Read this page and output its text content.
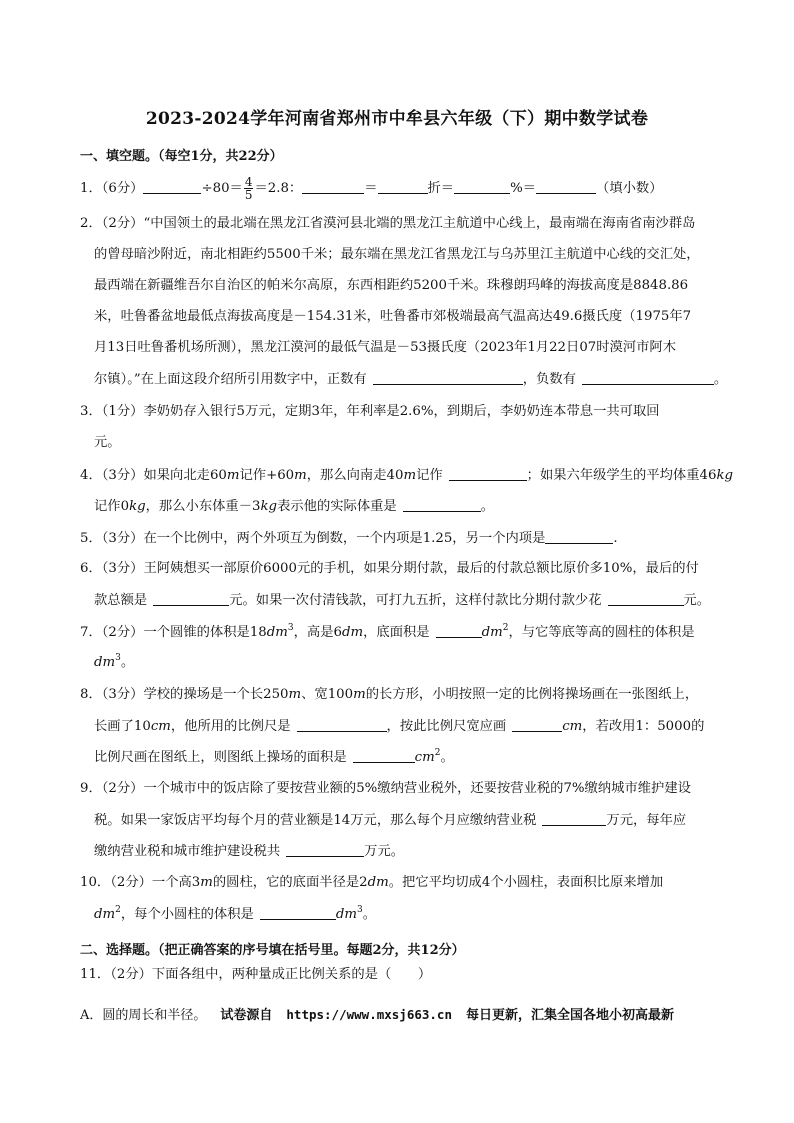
2023-2024学年河南省郑州市中牟县六年级（下）期中数学试卷
一、填空题。（每空1分，共22分）
1．（6分）	$\div 80= \frac{4}{5} =2.8$：	＝	折＝	%＝	（填小数）
2．（2分）“中国领土的最北端在黑龙江省漠河县北端的黑龙江主航道中心线上，最南端在海南省南沙群岛
的曾母暗沙附近，南北相距约5500千米；最东端在黑龙江省黑龙江与乌苏里江主航道中心线的交汇处，
最西端在新疆维吾尔自治区的帕米尔高原，东西相距约5200千米。珠穆朗玛峰的海拔高度是8848.86
米，吐鲁番盆地最低点海拔高度是－154.31米，吐鲁番市郊极端最高气温高达49.6摄氏度（1975年7
月13日吐鲁番机场所测），黑龙江漠河的最低气温是－53摄氏度（2023年1月22日07时漠河市阿木
尔镇）。”在上面这段介绍所引用数字中，正数有	，负数有	。
3．（1分）李奶奶存入银行5万元，定期3年，年利率是2.6%，到期后，李奶奶连本带息一共可取回
元。
4．（3分）如果向北走60m记作+60m，那么向南走40m记作	；如果六年级学生的平均体重46kg
记作0kg，那么小东体重－3kg表示他的实际体重是	。
5．（3分）在一个比例中，两个外项互为倒数，一个内项是1.25，另一个内项是	.
6．（3分）王阿姨想买一部原价6000元的手机，如果分期付款，最后的付款总额比原价多10%，最后的付
款总额是	元。如果一次付清钱款，可打九五折，这样付款比分期付款少花	元。
7．（2分）一个圆锥的体积是$18dm^3$，高是6dm，底面积是	$dm^2$，与它等底等高的圆柱的体积是
$dm^3$。
8．（3分）学校的操场是一个长250m、宽100m的长方形，小明按照一定的比例将操场画在一张图纸上，
长画了10cm，他所用的比例尺是	，按此比例尺宽应画	cm，若改用1：5000的
比例尺画在图纸上，则图纸上操场的面积是	$cm^2$。
9．（2分）一个城市中的饭店除了要按营业额的5%缴纳营业税外，还要按营业税的7%缴纳城市维护建设
税。如果一家饭店平均每个月的营业额是14万元，那么每个月应缴纳营业税	万元，每年应
缴纳营业税和城市维护建设税共	万元。
10．（2分）一个高3m的圆柱，它的底面半径是2dm。把它平均切成4个小圆柱，表面积比原来增加
$dm^2$，每个小圆柱的体积是	$dm^3$。
二、选择题。（把正确答案的序号填在括号里。每题2分，共12分）
11．（2分）下面各组中，两种量成正比例关系的是（　　）
A．圆的周长和半径。 试卷源自 https://www.mxsj663.cn 每日更新，汇集全国各地小初高最新
